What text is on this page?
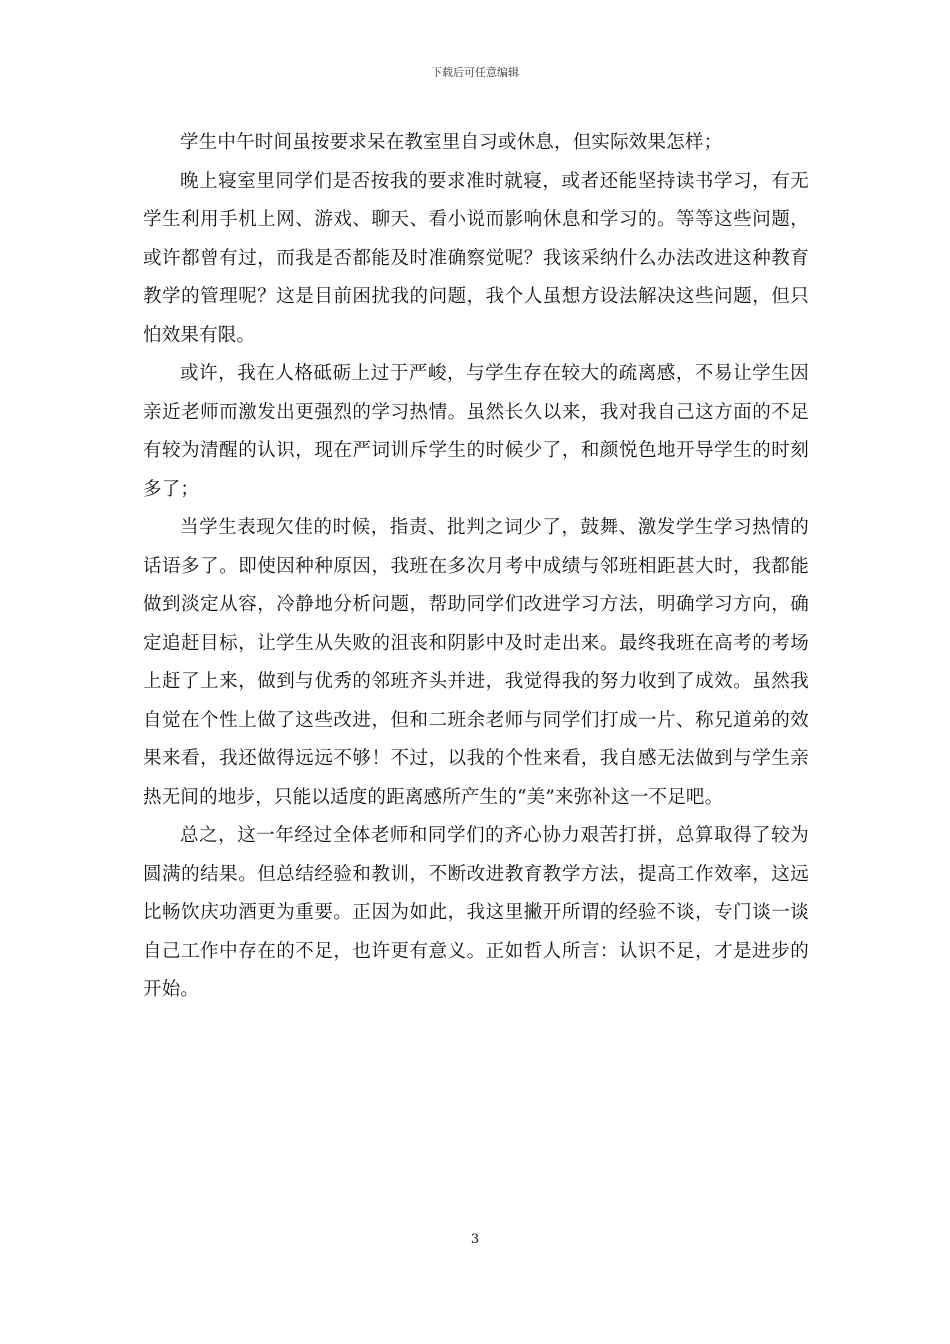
下载后可任意编辑

学生中午时间虽按要求呆在教室里自习或休息，但实际效果怎样；

晚上寝室里同学们是否按我的要求准时就寝，或者还能坚持读书学习，有无学生利用手机上网、游戏、聊天、看小说而影响休息和学习的。等等这些问题，或许都曾有过，而我是否都能及时准确察觉呢？我该采纳什么办法改进这种教育教学的管理呢？这是目前困扰我的问题，我个人虽想方设法解决这些问题，但只怕效果有限。

或许，我在人格砥砺上过于严峻，与学生存在较大的疏离感，不易让学生因亲近老师而激发出更强烈的学习热情。虽然长久以来，我对我自己这方面的不足有较为清醒的认识，现在严词训斥学生的时候少了，和颜悦色地开导学生的时刻多了；

当学生表现欠佳的时候，指责、批判之词少了，鼓舞、激发学生学习热情的话语多了。即使因种种原因，我班在多次月考中成绩与邻班相距甚大时，我都能做到淡定从容，冷静地分析问题，帮助同学们改进学习方法，明确学习方向，确定追赶目标，让学生从失败的沮丧和阴影中及时走出来。最终我班在高考的考场上赶了上来，做到与优秀的邻班齐头并进，我觉得我的努力收到了成效。虽然我自觉在个性上做了这些改进，但和二班余老师与同学们打成一片、称兄道弟的效果来看，我还做得远远不够！不过，以我的个性来看，我自感无法做到与学生亲热无间的地步，只能以适度的距离感所产生的“美”来弥补这一不足吧。

总之，这一年经过全体老师和同学们的齐心协力艰苦打拼，总算取得了较为圆满的结果。但总结经验和教训，不断改进教育教学方法，提高工作效率，这远比畅饮庆功酒更为重要。正因为如此，我这里撇开所谓的经验不谈，专门谈一谈自己工作中存在的不足，也许更有意义。正如哲人所言：认识不足，才是进步的开始。

3
